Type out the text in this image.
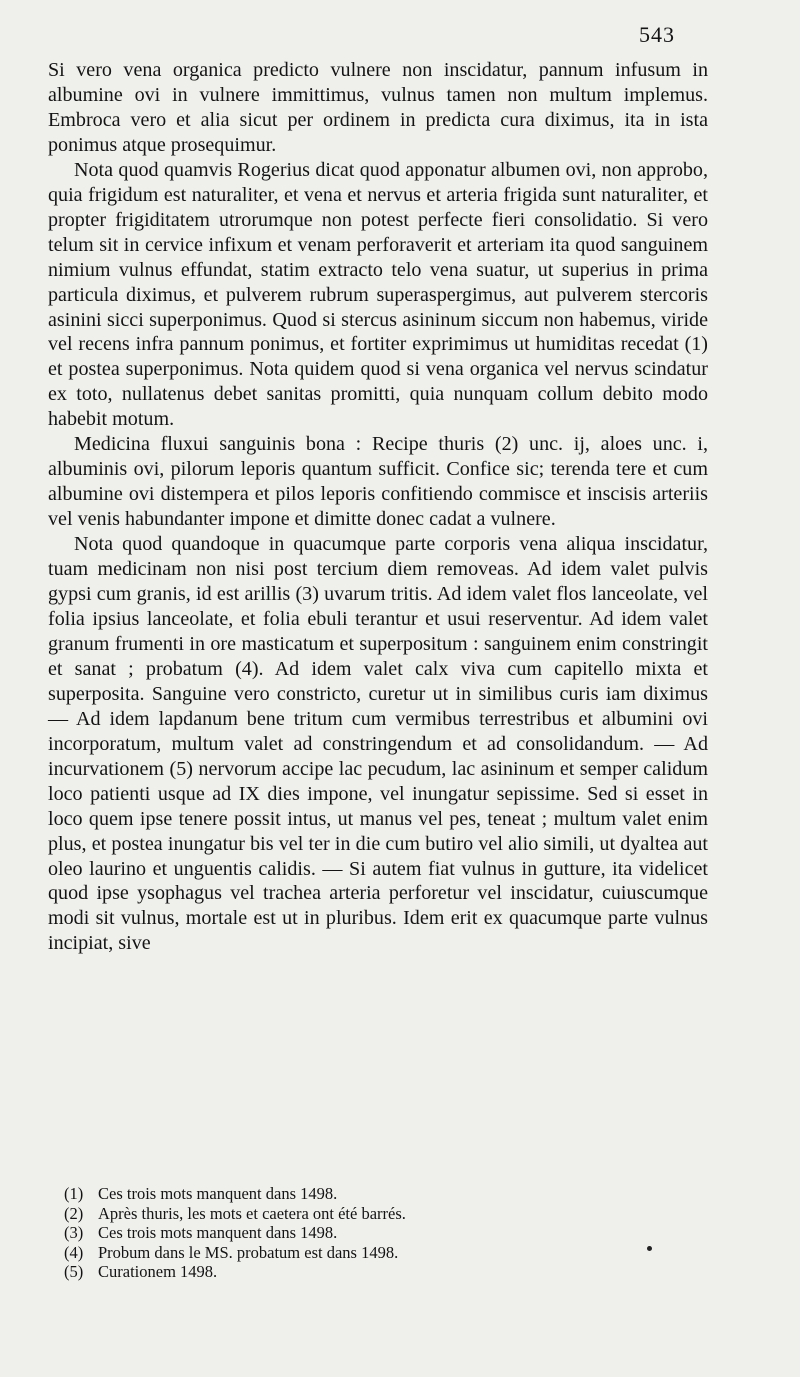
543

Si vero vena organica predicto vulnere non inscidatur, pannum infusum in albumine ovi in vulnere immittimus, vulnus tamen non multum implemus. Embroca vero et alia sicut per ordinem in predicta cura diximus, ita in ista ponimus atque prosequimur.

Nota quod quamvis Rogerius dicat quod apponatur albumen ovi, non approbo, quia frigidum est naturaliter, et vena et nervus et arteria frigida sunt naturaliter, et propter frigiditatem utrorumque non potest perfecte fieri consolidatio. Si vero telum sit in cervice infixum et venam perforaverit et arteriam ita quod sanguinem nimium vulnus effundat, statim extracto telo vena suatur, ut superius in prima particula diximus, et pulverem rubrum superaspergimus, aut pulverem stercoris asinini sicci superponimus. Quod si stercus asininum siccum non habemus, viride vel recens infra pannum ponimus, et fortiter exprimimus ut humiditas recedat (1) et postea superponimus. Nota quidem quod si vena organica vel nervus scindatur ex toto, nullatenus debet sanitas promitti, quia nunquam collum debito modo habebit motum.

Medicina fluxui sanguinis bona : Recipe thuris (2) unc. ij, aloes unc. i, albuminis ovi, pilorum leporis quantum sufficit. Confice sic; terenda tere et cum albumine ovi distempera et pilos leporis confitiendo commisce et inscisis arteriis vel venis habundanter impone et dimitte donec cadat a vulnere.

Nota quod quandoque in quacumque parte corporis vena aliqua inscidatur, tuam medicinam non nisi post tercium diem removeas. Ad idem valet pulvis gypsi cum granis, id est arillis (3) uvarum tritis. Ad idem valet flos lanceolate, vel folia ipsius lanceolate, et folia ebuli terantur et usui reserventur. Ad idem valet granum frumenti in ore masticatum et superpositum : sanguinem enim constringit et sanat ; probatum (4). Ad idem valet calx viva cum capitello mixta et superposita. Sanguine vero constricto, curetur ut in similibus curis iam diximus — Ad idem lapdanum bene tritum cum vermibus terrestribus et albumini ovi incorporatum, multum valet ad constringendum et ad consolidandum. — Ad incurvationem (5) nervorum accipe lac pecudum, lac asininum et semper calidum loco patienti usque ad IX dies impone, vel inungatur sepissime. Sed si esset in loco quem ipse tenere possit intus, ut manus vel pes, teneat ; multum valet enim plus, et postea inungatur bis vel ter in die cum butiro vel alio simili, ut dyaltea aut oleo laurino et unguentis calidis. — Si autem fiat vulnus in gutture, ita videlicet quod ipse ysophagus vel trachea arteria perforetur vel inscidatur, cuiuscumque modi sit vulnus, mortale est ut in pluribus. Idem erit ex quacumque parte vulnus incipiat, sive

(1) Ces trois mots manquent dans 1498.
(2) Après thuris, les mots et caetera ont été barrés.
(3) Ces trois mots manquent dans 1498.
(4) Probum dans le MS. probatum est dans 1498.
(5) Curationem 1498.
